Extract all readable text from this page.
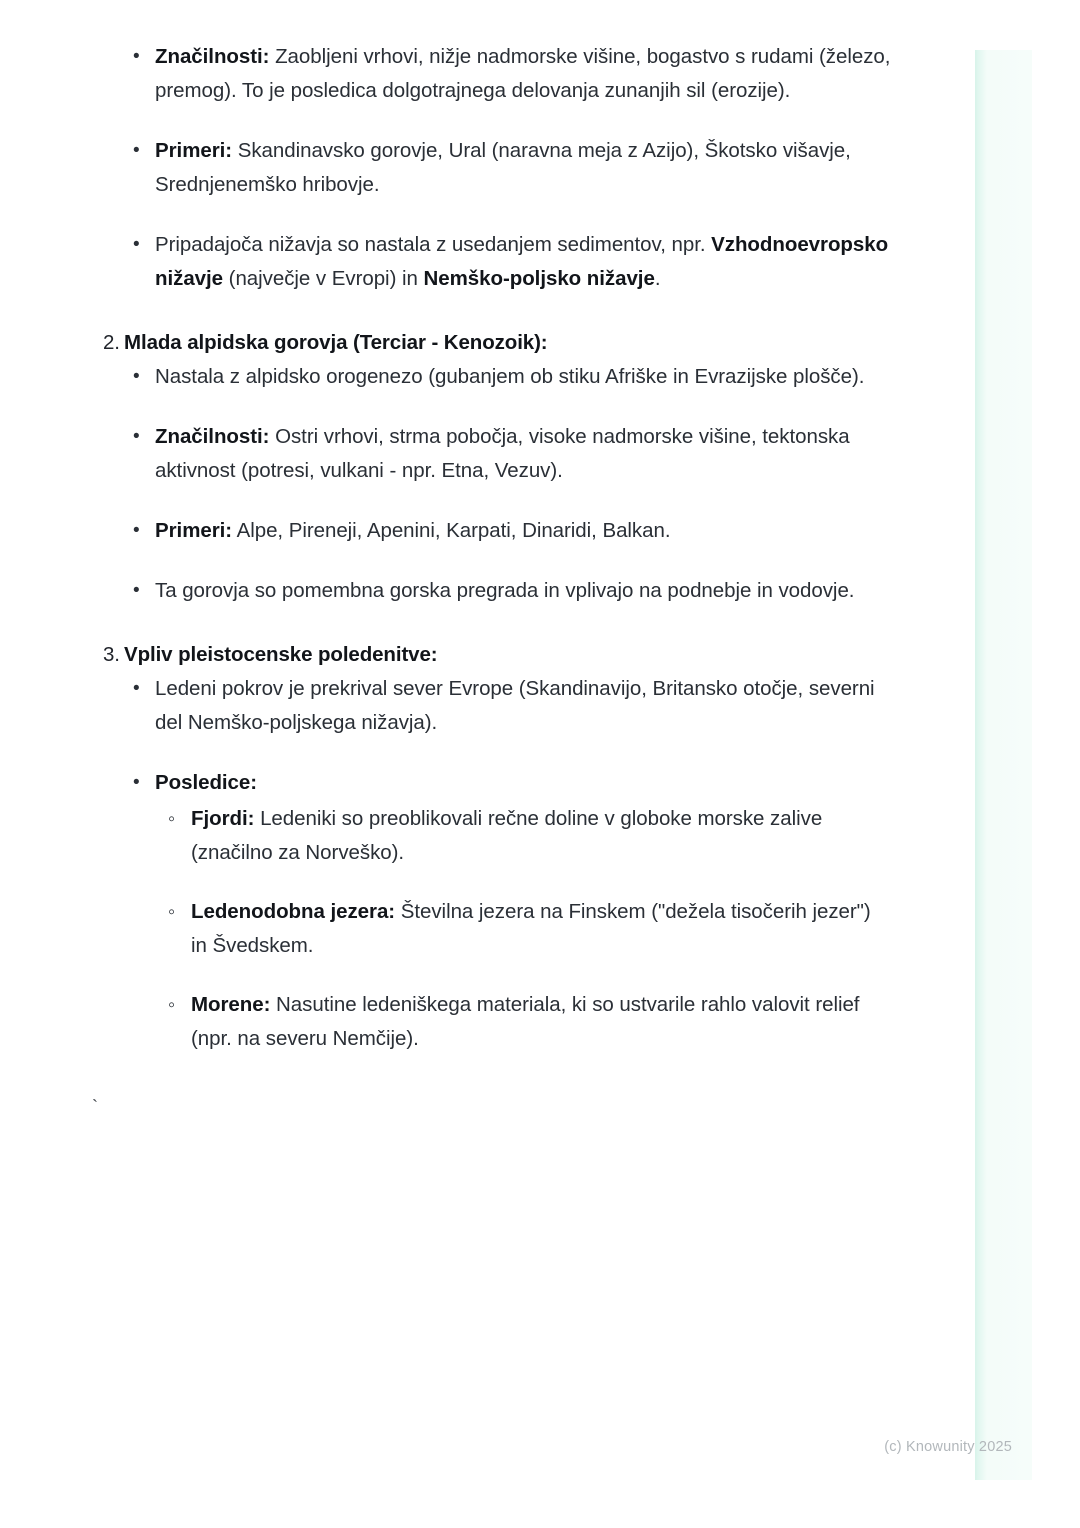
• Značilnosti: Zaobljeni vrhovi, nižje nadmorske višine, bogastvo s rudami (železo, premog). To je posledica dolgotrajnega delovanja zunanjih sil (erozije).
• Primeri: Skandinavsko gorovje, Ural (naravna meja z Azijo), Škotsko višavje, Srednjenemško hribovje.
• Pripadajoča nižavja so nastala z usedanjem sedimentov, npr. Vzhodnoevropsko nižavje (največje v Evropi) in Nemško-poljsko nižavje.
2. Mlada alpidska gorovja (Terciar - Kenozoik):
• Nastala z alpidsko orogenezo (gubanjem ob stiku Afriške in Evrazijske plošče).
• Značilnosti: Ostri vrhovi, strma pobočja, visoke nadmorske višine, tektonska aktivnost (potresi, vulkani - npr. Etna, Vezuv).
• Primeri: Alpe, Pireneji, Apenini, Karpati, Dinaridi, Balkan.
• Ta gorovja so pomembna gorska pregrada in vplivajo na podnebje in vodovje.
3. Vpliv pleistocenske poledenitve:
• Ledeni pokrov je prekrival sever Evrope (Skandinavijo, Britansko otočje, severni del Nemško-poljskega nižavja).
• Posledice:
◦ Fjordi: Ledeniki so preoblikovali rečne doline v globoke morske zalive (značilno za Norveško).
◦ Ledenodobna jezera: Številna jezera na Finskem ("dežela tisočerih jezer") in Švedskem.
◦ Morene: Nasutine ledeniškega materiala, ki so ustvarile rahlo valovit relief (npr. na severu Nemčije).
`
(c) Knowunity 2025
